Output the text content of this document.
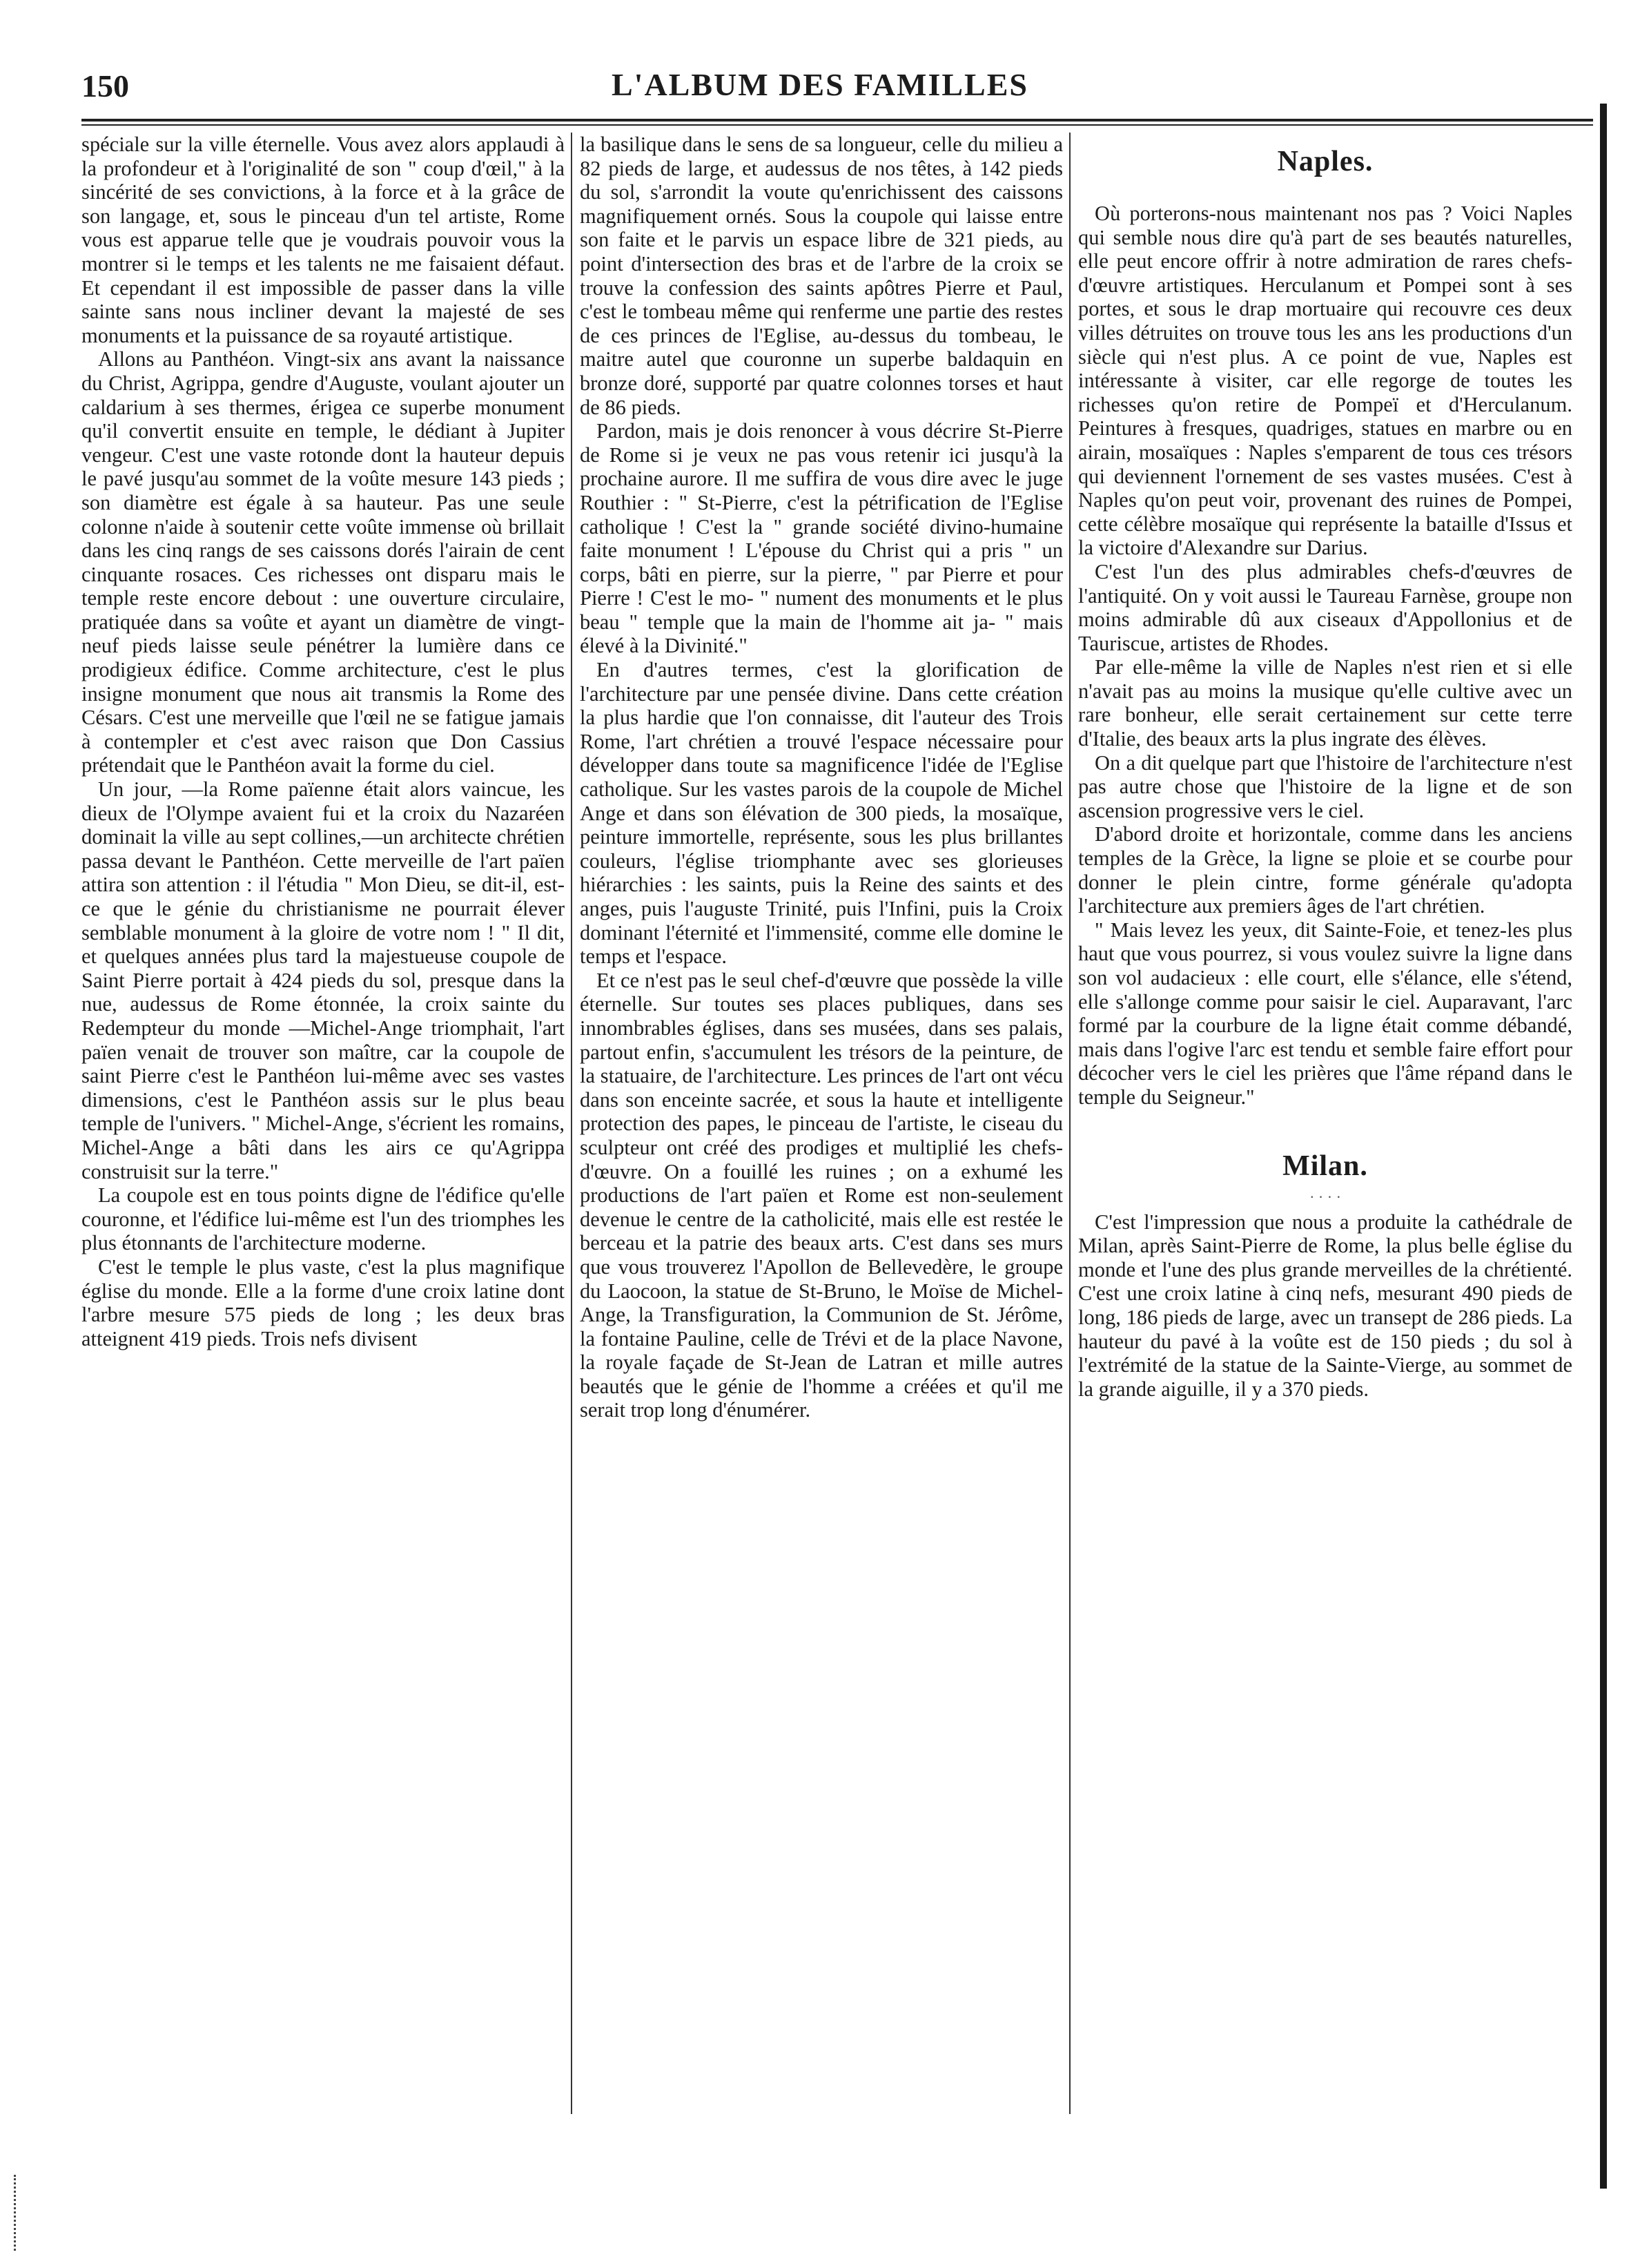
150	L'ALBUM DES FAMILLES

spéciale sur la ville éternelle. Vous avez alors applaudi à la profondeur et à l'originalité de son " coup d'œil," à la sincérité de ses convictions, à la force et à la grâce de son langage, et, sous le pinceau d'un tel artiste, Rome vous est apparue telle que je voudrais pouvoir vous la montrer si le temps et les talents ne me faisaient défaut. Et cependant il est impossible de passer dans la ville sainte sans nous incliner devant la majesté de ses monuments et la puissance de sa royauté artistique.

Allons au Panthéon. Vingt-six ans avant la naissance du Christ, Agrippa, gendre d'Auguste, voulant ajouter un caldarium à ses thermes, érigea ce superbe monument qu'il convertit ensuite en temple, le dédiant à Jupiter vengeur. C'est une vaste rotonde dont la hauteur depuis le pavé jusqu'au sommet de la voûte mesure 143 pieds ; son diamètre est égale à sa hauteur. Pas une seule colonne n'aide à soutenir cette voûte immense où brillait dans les cinq rangs de ses caissons dorés l'airain de cent cinquante rosaces. Ces richesses ont disparu mais le temple reste encore debout : une ouverture circulaire, pratiquée dans sa voûte et ayant un diamètre de vingt-neuf pieds laisse seule pénétrer la lumière dans ce prodigieux édifice. Comme architecture, c'est le plus insigne monument que nous ait transmis la Rome des Césars. C'est une merveille que l'œil ne se fatigue jamais à contempler et c'est avec raison que Don Cassius prétendait que le Panthéon avait la forme du ciel.

Un jour, —la Rome païenne était alors vaincue, les dieux de l'Olympe avaient fui et la croix du Nazaréen dominait la ville au sept collines,—un architecte chrétien passa devant le Panthéon. Cette merveille de l'art païen attira son attention : il l'étudia " Mon Dieu, se dit-il, est-ce que le génie du christianisme ne pourrait élever semblable monument à la gloire de votre nom ! " Il dit, et quelques années plus tard la majestueuse coupole de Saint Pierre portait à 424 pieds du sol, presque dans la nue, audessus de Rome étonnée, la croix sainte du Redempteur du monde —Michel-Ange triomphait, l'art païen venait de trouver son maître, car la coupole de saint Pierre c'est le Panthéon lui-même avec ses vastes dimensions, c'est le Panthéon assis sur le plus beau temple de l'univers. " Michel-Ange, s'écrient les romains, Michel-Ange a bâti dans les airs ce qu'Agrippa construisit sur la terre."

La coupole est en tous points digne de l'édifice qu'elle couronne, et l'édifice lui-même est l'un des triomphes les plus étonnants de l'architecture moderne.

C'est le temple le plus vaste, c'est la plus magnifique église du monde. Elle a la forme d'une croix latine dont l'arbre mesure 575 pieds de long ; les deux bras atteignent 419 pieds. Trois nefs divisent

la basilique dans le sens de sa longueur, celle du milieu a 82 pieds de large, et audessus de nos têtes, à 142 pieds du sol, s'arrondit la voute qu'enrichissent des caissons magnifiquement ornés. Sous la coupole qui laisse entre son faite et le parvis un espace libre de 321 pieds, au point d'intersection des bras et de l'arbre de la croix se trouve la confession des saints apôtres Pierre et Paul, c'est le tombeau même qui renferme une partie des restes de ces princes de l'Eglise, au-dessus du tombeau, le maitre autel que couronne un superbe baldaquin en bronze doré, supporté par quatre colonnes torses et haut de 86 pieds.

Pardon, mais je dois renoncer à vous décrire St-Pierre de Rome si je veux ne pas vous retenir ici jusqu'à la prochaine aurore. Il me suffira de vous dire avec le juge Routhier : " St-Pierre, c'est la pétrification de l'Eglise catholique ! C'est la " grande société divino-humaine faite monument ! L'épouse du Christ qui a pris " un corps, bâti en pierre, sur la pierre, " par Pierre et pour Pierre ! C'est le mo- " nument des monuments et le plus beau " temple que la main de l'homme ait ja- " mais élevé à la Divinité."

En d'autres termes, c'est la glorification de l'architecture par une pensée divine. Dans cette création la plus hardie que l'on connaisse, dit l'auteur des Trois Rome, l'art chrétien a trouvé l'espace nécessaire pour développer dans toute sa magnificence l'idée de l'Eglise catholique. Sur les vastes parois de la coupole de Michel Ange et dans son élévation de 300 pieds, la mosaïque, peinture immortelle, représente, sous les plus brillantes couleurs, l'église triomphante avec ses glorieuses hiérarchies : les saints, puis la Reine des saints et des anges, puis l'auguste Trinité, puis l'Infini, puis la Croix dominant l'éternité et l'immensité, comme elle domine le temps et l'espace.

Et ce n'est pas le seul chef-d'œuvre que possède la ville éternelle. Sur toutes ses places publiques, dans ses innombrables églises, dans ses musées, dans ses palais, partout enfin, s'accumulent les trésors de la peinture, de la statuaire, de l'architecture. Les princes de l'art ont vécu dans son enceinte sacrée, et sous la haute et intelligente protection des papes, le pinceau de l'artiste, le ciseau du sculpteur ont créé des prodiges et multiplié les chefs-d'œuvre. On a fouillé les ruines ; on a exhumé les productions de l'art païen et Rome est non-seulement devenue le centre de la catholicité, mais elle est restée le berceau et la patrie des beaux arts. C'est dans ses murs que vous trouverez l'Apollon de Bellevedère, le groupe du Laocoon, la statue de St-Bruno, le Moïse de Michel-Ange, la Transfiguration, la Communion de St. Jérôme, la fontaine Pauline, celle de Trévi et de la place Navone, la royale façade de St-Jean de Latran et mille autres beautés que le génie de l'homme a créées et qu'il me serait trop long d'énumérer.

Naples.

Où porterons-nous maintenant nos pas ? Voici Naples qui semble nous dire qu'à part de ses beautés naturelles, elle peut encore offrir à notre admiration de rares chefs-d'œuvre artistiques. Herculanum et Pompei sont à ses portes, et sous le drap mortuaire qui recouvre ces deux villes détruites on trouve tous les ans les productions d'un siècle qui n'est plus. A ce point de vue, Naples est intéressante à visiter, car elle regorge de toutes les richesses qu'on retire de Pompeï et d'Herculanum. Peintures à fresques, quadriges, statues en marbre ou en airain, mosaïques : Naples s'emparent de tous ces trésors qui deviennent l'ornement de ses vastes musées. C'est à Naples qu'on peut voir, provenant des ruines de Pompei, cette célèbre mosaïque qui représente la bataille d'Issus et la victoire d'Alexandre sur Darius.

C'est l'un des plus admirables chefs-d'œuvres de l'antiquité. On y voit aussi le Taureau Farnèse, groupe non moins admirable dû aux ciseaux d'Appollonius et de Tauriscue, artistes de Rhodes.

Par elle-même la ville de Naples n'est rien et si elle n'avait pas au moins la musique qu'elle cultive avec un rare bonheur, elle serait certainement sur cette terre d'Italie, des beaux arts la plus ingrate des élèves.

On a dit quelque part que l'histoire de l'architecture n'est pas autre chose que l'histoire de la ligne et de son ascension progressive vers le ciel.

D'abord droite et horizontale, comme dans les anciens temples de la Grèce, la ligne se ploie et se courbe pour donner le plein cintre, forme générale qu'adopta l'architecture aux premiers âges de l'art chrétien.

" Mais levez les yeux, dit Sainte-Foie, et tenez-les plus haut que vous pourrez, si vous voulez suivre la ligne dans son vol audacieux : elle court, elle s'élance, elle s'étend, elle s'allonge comme pour saisir le ciel. Auparavant, l'arc formé par la courbure de la ligne était comme débandé, mais dans l'ogive l'arc est tendu et semble faire effort pour décocher vers le ciel les prières que l'âme répand dans le temple du Seigneur."

Milan.
· · · ·

C'est l'impression que nous a produite la cathédrale de Milan, après Saint-Pierre de Rome, la plus belle église du monde et l'une des plus grande merveilles de la chrétienté. C'est une croix latine à cinq nefs, mesurant 490 pieds de long, 186 pieds de large, avec un transept de 286 pieds. La hauteur du pavé à la voûte est de 150 pieds ; du sol à l'extrémité de la statue de la Sainte-Vierge, au sommet de la grande aiguille, il y a 370 pieds.
